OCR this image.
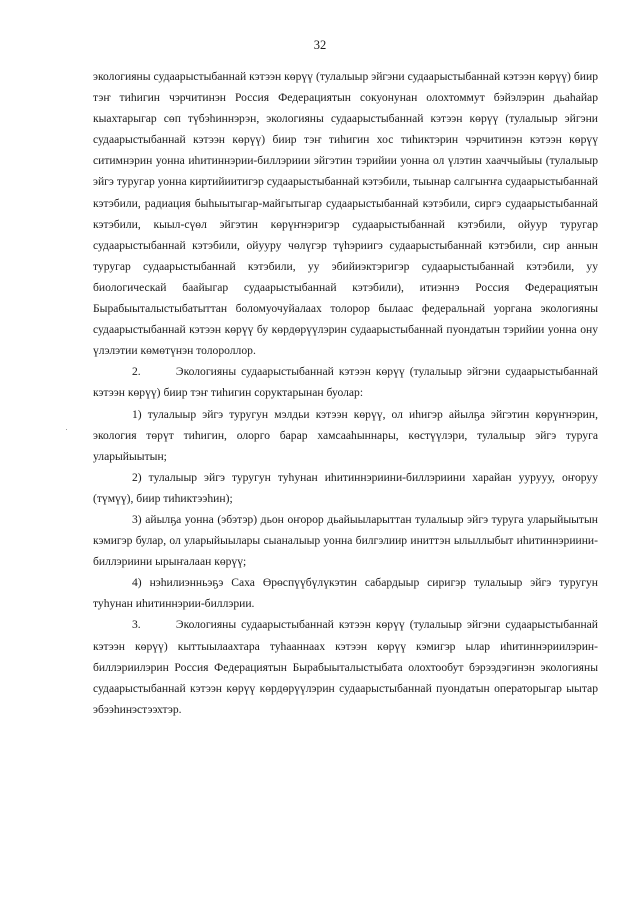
32

экологияны судаарыстыбаннай кэтээн көрүү (тулалыыр эйгэни судаарыстыбаннай кэтээн көрүү) биир тэҥ тиһигин чэрчитинэн Россия Федерациятын сокуонунан олохтоммут бэйэлэрин дьаһайар кыахтарыгар сөп түбэһиннэрэн, экологияны судаарыстыбаннай кэтээн көрүү (тулалыыр эйгэни судаарыстыбаннай кэтээн көрүү) биир тэҥ тиһигин хос тиһиктэрин чэрчитинэн кэтээн көрүү ситимнэрин уонна иһитиннэрии-биллэриии эйгэтин тэрийии уонна ол үлэтин хааччыйыы (тулалыыр эйгэ туругар уонна киртийиитигэр судаарыстыбаннай кэтэбили, тыынар салгыҥҥа судаарыстыбаннай кэтэбили, радиация быһыытыгар-майгытыгар судаарыстыбаннай кэтэбили, сиргэ судаарыстыбаннай кэтэбили, кыыл-сүөл эйгэтин көрүҥнэригэр судаарыстыбаннай кэтэбили, ойуур туругар судаарыстыбаннай кэтэбили, ойууру чөлүгэр түһэриигэ судаарыстыбаннай кэтэбили, сир аннын туругар судаарыстыбаннай кэтэбили, уу эбийиэктэригэр судаарыстыбаннай кэтэбили, уу биологическай баайыгар судаарыстыбаннай кэтэбили), итиэннэ Россия Федерациятын Бырабыыталыстыбатыттан боломуочуйалаах толорор былаас федеральнай уоргана экологияны судаарыстыбаннай кэтээн көрүү бу көрдөрүүлэрин судаарыстыбаннай пуондатын тэрийии уонна ону үлэлэтии көмөтүнэн толороллор.

2.       Экологияны судаарыстыбаннай кэтээн көрүү (тулалыыр эйгэни судаарыстыбаннай кэтээн көрүү) биир тэҥ тиһигин соруктарынан буолар:

1) тулалыыр эйгэ туругун мэлдьи кэтээн көрүү, ол иһигэр айылҕа эйгэтин көрүҥнэрин, экология төрүт тиһигин, олорго барар хамсааһыннары, көстүүлэри, тулалыыр эйгэ туруга уларыйыытын;

2) тулалыыр эйгэ туругун туһунан иһитиннэриини-биллэриини харайан уурууу, оҥоруу (түмүү), биир тиһиктээһин);

3) айылҕа уонна (эбэтэр) дьон оҥорор дьайыыларыттан тулалыыр эйгэ туруга уларыйыытын кэмигэр булар, ол уларыйыылары сыаналыыр уонна билгэлиир иниттэн ылыллыбыт иһитиннэриини-биллэриини ырыҥалаан көрүү;

4) нэһилиэнньэҕэ Саха Өрөспүүбүлүкэтин сабардыыр сиригэр тулалыыр эйгэ туругун туһунан иһитиннэрии-биллэрии.

3.       Экологияны судаарыстыбаннай кэтээн көрүү (тулалыыр эйгэни судаарыстыбаннай кэтээн көрүү) кыттыылаахтара туһааннаах кэтээн көрүү кэмигэр ылар иһитиннэриилэрин-биллэриилэрин Россия Федерациятын Бырабыыталыстыбата олохтообут бэрээдэгинэн экологияны судаарыстыбаннай кэтээн көрүү көрдөрүүлэрин судаарыстыбаннай пуондатын операторыгар ыытар эбээһинэстээхтэр.
